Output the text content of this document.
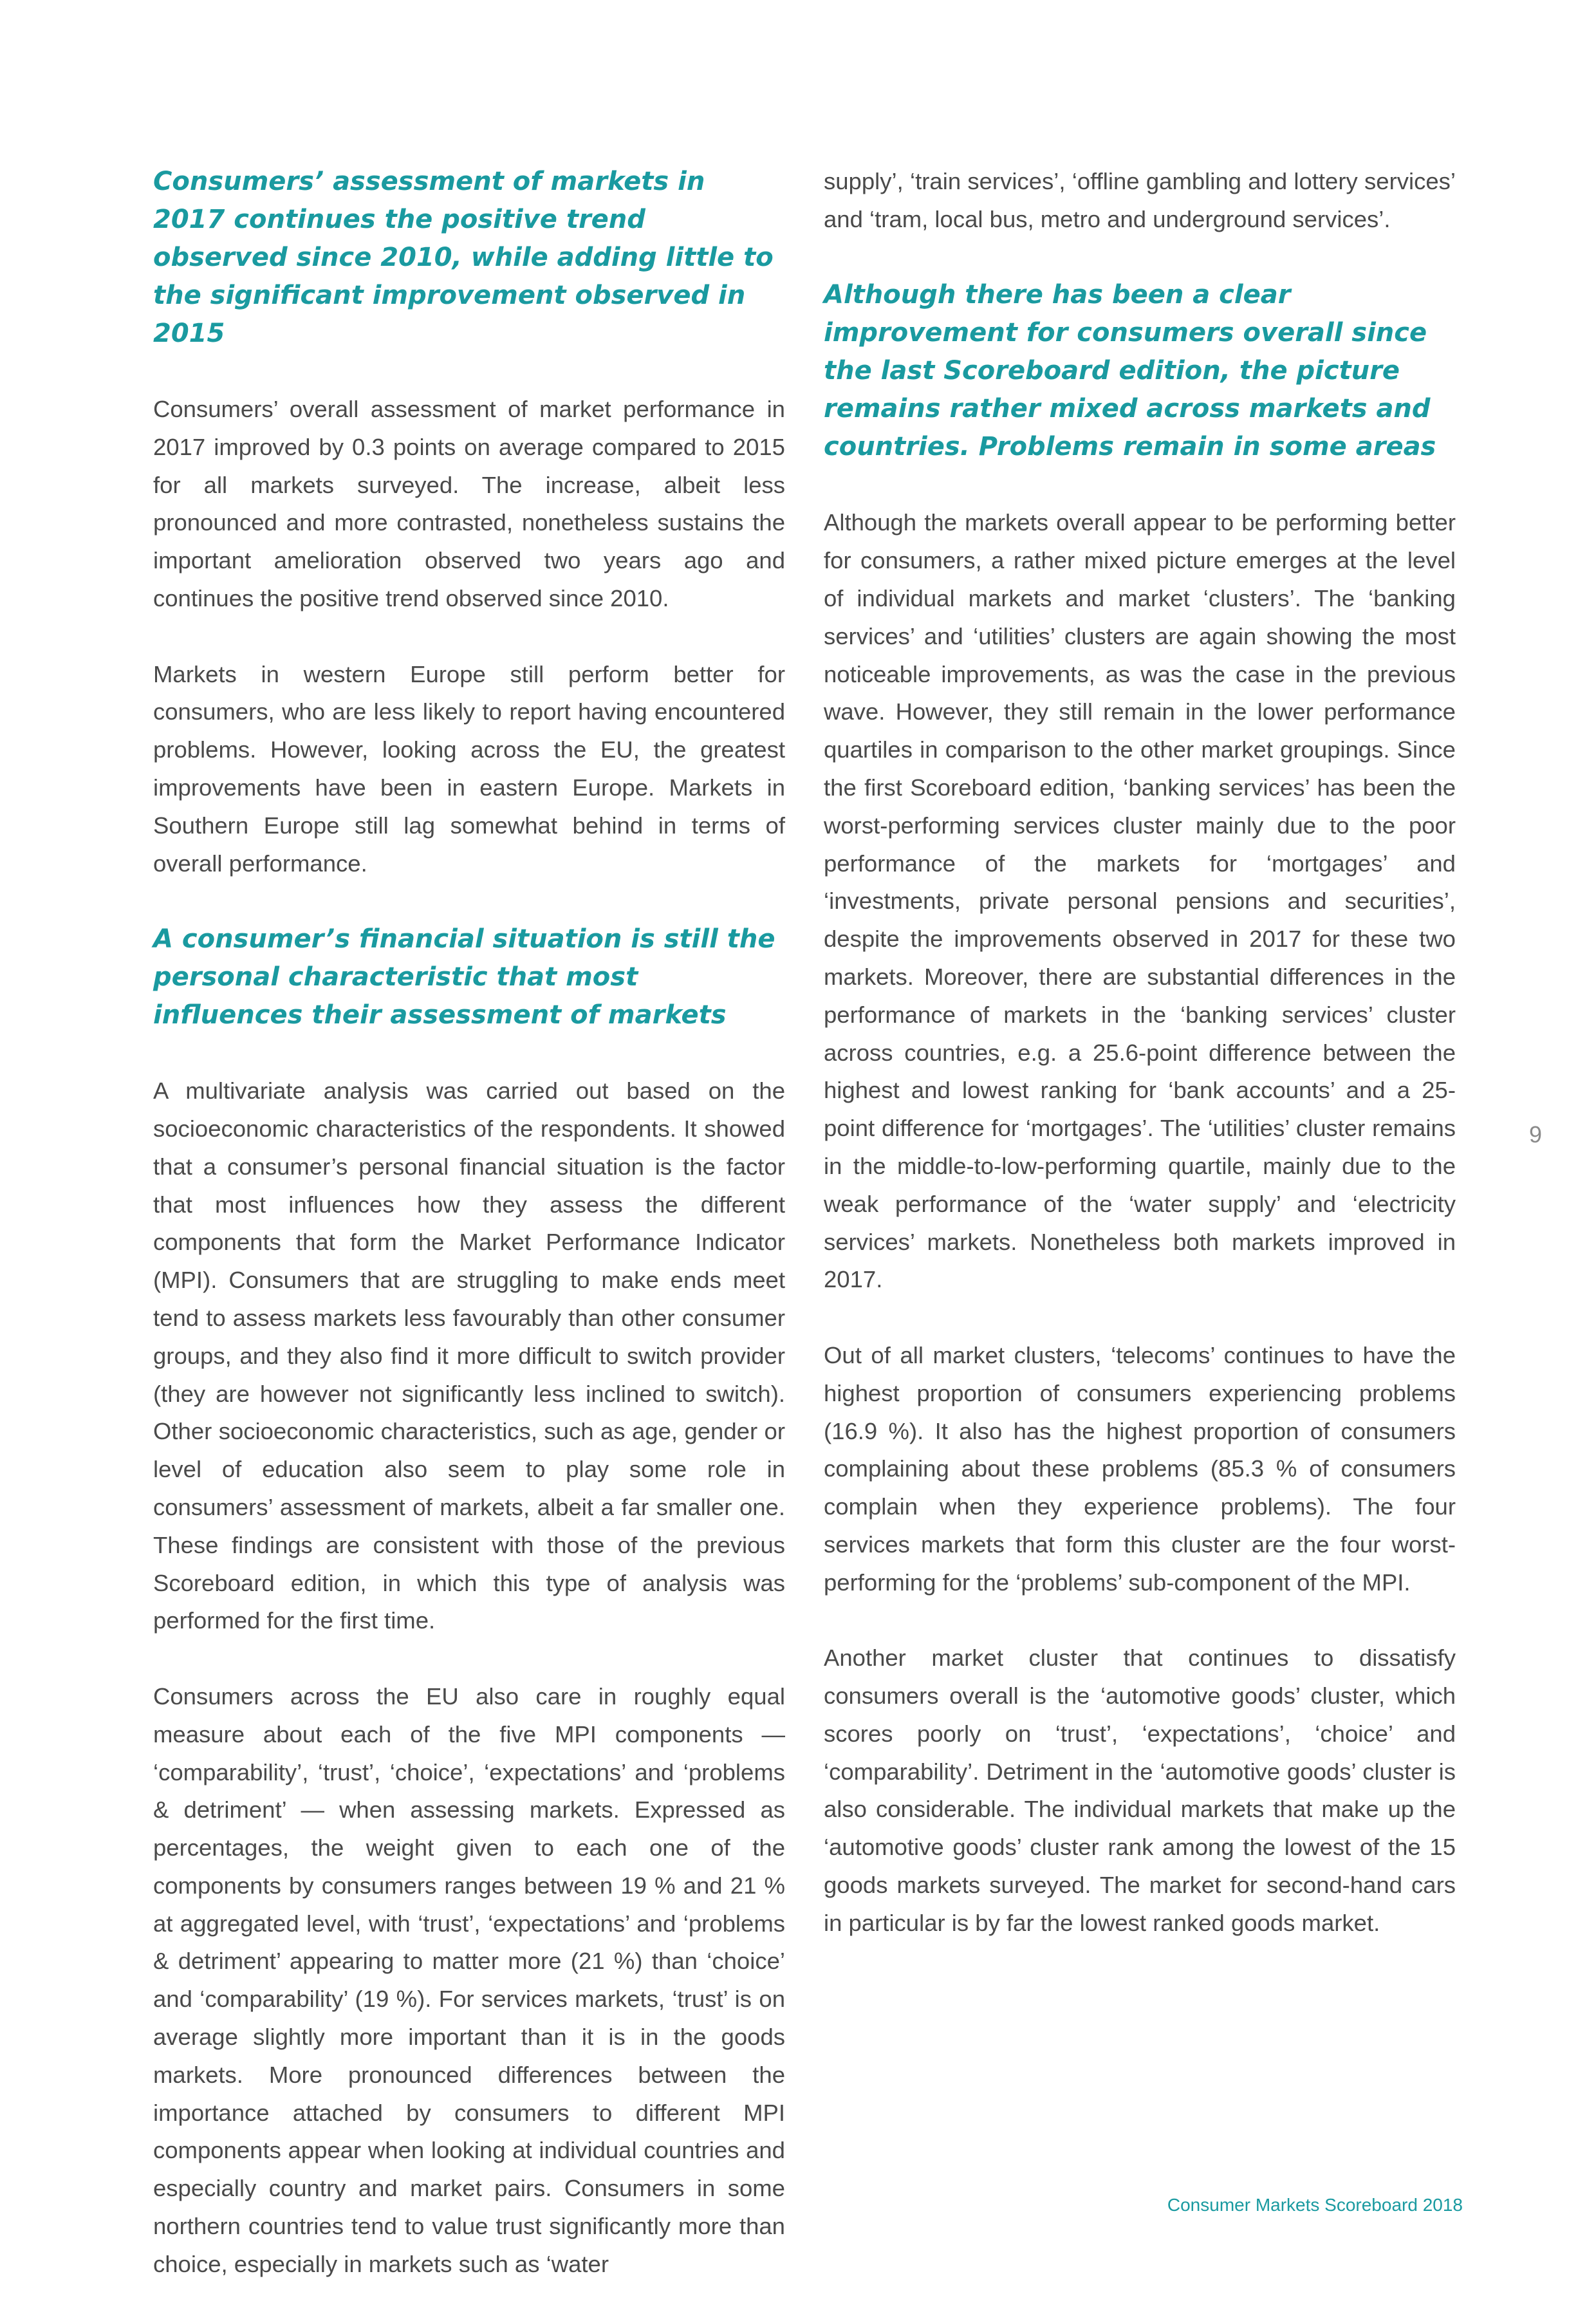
Consumers’ assessment of markets in 2017 continues the positive trend observed since 2010, while adding little to the significant improvement observed in 2015

Consumers’ overall assessment of market performance in 2017 improved by 0.3 points on average compared to 2015 for all markets surveyed. The increase, albeit less pronounced and more contrasted, nonetheless sustains the important amelioration observed two years ago and continues the positive trend observed since 2010.

Markets in western Europe still perform better for consumers, who are less likely to report having encountered problems. However, looking across the EU, the greatest improvements have been in eastern Europe. Markets in Southern Europe still lag somewhat behind in terms of overall performance.

A consumer’s financial situation is still the personal characteristic that most influences their assessment of markets

A multivariate analysis was carried out based on the socioeconomic characteristics of the respondents. It showed that a consumer’s personal financial situation is the factor that most influences how they assess the different components that form the Market Performance Indicator (MPI). Consumers that are struggling to make ends meet tend to assess markets less favourably than other consumer groups, and they also find it more difficult to switch provider (they are however not significantly less inclined to switch). Other socioeconomic characteristics, such as age, gender or level of education also seem to play some role in consumers’ assessment of markets, albeit a far smaller one. These findings are consistent with those of the previous Scoreboard edition, in which this type of analysis was performed for the first time.

Consumers across the EU also care in roughly equal measure about each of the five MPI components — ‘comparability’, ‘trust’, ‘choice’, ‘expectations’ and ‘problems & detriment’ — when assessing markets. Expressed as percentages, the weight given to each one of the components by consumers ranges between 19 % and 21 % at aggregated level, with ‘trust’, ‘expectations’ and ‘problems & detriment’ appearing to matter more (21 %) than ‘choice’ and ‘comparability’ (19 %). For services markets, ‘trust’ is on average slightly more important than it is in the goods markets. More pronounced differences between the importance attached by consumers to different MPI components appear when looking at individual countries and especially country and market pairs. Consumers in some northern countries tend to value trust significantly more than choice, especially in markets such as ‘water

supply’, ‘train services’, ‘offline gambling and lottery services’ and ‘tram, local bus, metro and underground services’.

Although there has been a clear improvement for consumers overall since the last Scoreboard edition, the picture remains rather mixed across markets and countries. Problems remain in some areas

Although the markets overall appear to be performing better for consumers, a rather mixed picture emerges at the level of individual markets and market ‘clusters’. The ‘banking services’ and ‘utilities’ clusters are again showing the most noticeable improvements, as was the case in the previous wave. However, they still remain in the lower performance quartiles in comparison to the other market groupings. Since the first Scoreboard edition, ‘banking services’ has been the worst-performing services cluster mainly due to the poor performance of the markets for ‘mortgages’ and ‘investments, private personal pensions and securities’, despite the improvements observed in 2017 for these two markets. Moreover, there are substantial differences in the performance of markets in the ‘banking services’ cluster across countries, e.g. a 25.6-point difference between the highest and lowest ranking for ‘bank accounts’ and a 25-point difference for ‘mortgages’. The ‘utilities’ cluster remains in the middle-to-low-performing quartile, mainly due to the weak performance of the ‘water supply’ and ‘electricity services’ markets. Nonetheless both markets improved in 2017.

Out of all market clusters, ‘telecoms’ continues to have the highest proportion of consumers experiencing problems (16.9 %). It also has the highest proportion of consumers complaining about these problems (85.3 % of consumers complain when they experience problems). The four services markets that form this cluster are the four worst-performing for the ‘problems’ sub-component of the MPI.

Another market cluster that continues to dissatisfy consumers overall is the ‘automotive goods’ cluster, which scores poorly on ‘trust’, ‘expectations’, ‘choice’ and ‘comparability’. Detriment in the ‘automotive goods’ cluster is also considerable. The individual markets that make up the ‘automotive goods’ cluster rank among the lowest of the 15 goods markets surveyed. The market for second-hand cars in particular is by far the lowest ranked goods market.

9
Consumer Markets Scoreboard 2018
